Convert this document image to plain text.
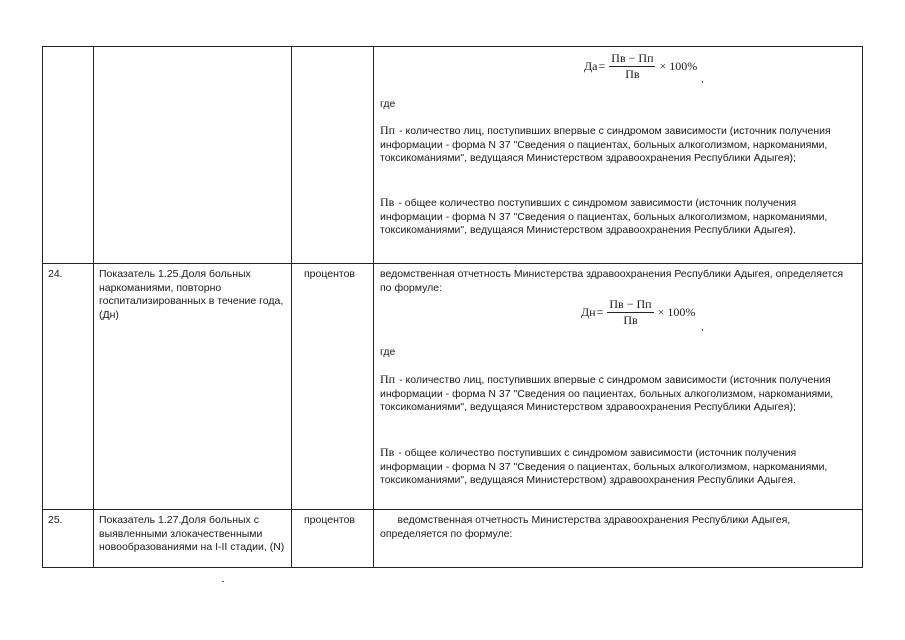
Да = $\frac{Пв - Пп}{Пв} \times 100\%$
,
где
Пп - количество лиц, поступивших впервые с синдромом зависимости (источник получения информации - форма N 37 "Сведения о пациентах, больных алкоголизмом, наркоманиями, токсикоманиями", ведущаяся Министерством здравоохранения Республики Адыгея);
Пв - общее количество поступивших с синдромом зависимости (источник получения информации - форма N 37 "Сведения о пациентах, больных алкоголизмом, наркоманиями, токсикоманиями", ведущаяся Министерством здравоохранения Республики Адыгея).
24.	Показатель 1.25.Доля больных наркоманиями, повторно госпитализированных в течение года, (Дн)
процентов ведомственная отчетность Министерства здравоохранения Республики Адыгея, определяется по формуле:
Дн = $\frac{Пв - Пп}{Пв} \times 100\%$
,
где
Пп - количество лиц, поступивших впервые с синдромом зависимости (источник получения информации - форма N 37 "Сведения оо пациентах, больных алкоголизмом, наркоманиями, токсикоманиями", ведущаяся Министерством здравоохранения Республики Адыгея);
Пв - общее количество поступивших с синдромом зависимости (источник получения информации - форма N 37 "Сведения о пациентах, больных алкоголизмом, наркоманиями, токсикоманиями", ведущаяся Министерством) здравоохранения Республики Адыгея.
25.	Показатель 1.27.Доля больных с выявленными злокачественными новообразованиями на I-II стадии, (N)
процентов ведомственная отчетность Министерства здравоохранения Республики Адыгея, определяется по формуле:
